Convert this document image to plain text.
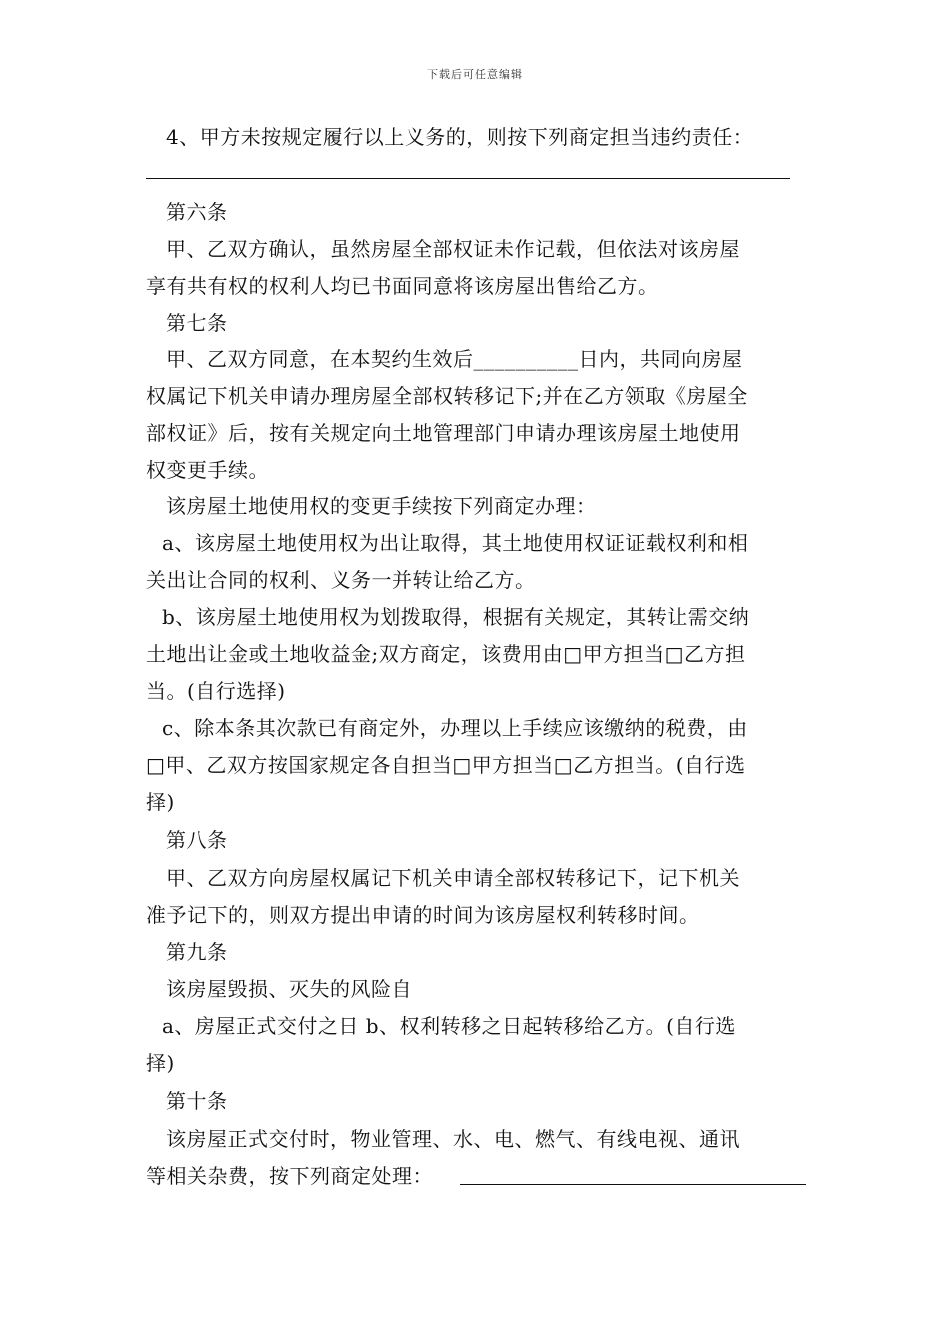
下载后可任意编辑
4、甲方未按规定履行以上义务的，则按下列商定担当违约责任：
第六条
甲、乙双方确认，虽然房屋全部权证未作记载，但依法对该房屋
享有共有权的权利人均已书面同意将该房屋出售给乙方。
第七条
甲、乙双方同意，在本契约生效后__________日内，共同向房屋
权属记下机关申请办理房屋全部权转移记下;并在乙方领取《房屋全
部权证》后，按有关规定向土地管理部门申请办理该房屋土地使用
权变更手续。
该房屋土地使用权的变更手续按下列商定办理：
a、该房屋土地使用权为出让取得，其土地使用权证证载权利和相
关出让合同的权利、义务一并转让给乙方。
b、该房屋土地使用权为划拨取得，根据有关规定，其转让需交纳
土地出让金或土地收益金;双方商定，该费用由□甲方担当□乙方担
当。(自行选择)
c、除本条其次款已有商定外，办理以上手续应该缴纳的税费，由
□甲、乙双方按国家规定各自担当□甲方担当□乙方担当。(自行选
择)
第八条
甲、乙双方向房屋权属记下机关申请全部权转移记下，记下机关
准予记下的，则双方提出申请的时间为该房屋权利转移时间。
第九条
该房屋毁损、灭失的风险自
a、房屋正式交付之日 b、权利转移之日起转移给乙方。(自行选
择)
第十条
该房屋正式交付时，物业管理、水、电、燃气、有线电视、通讯
等相关杂费，按下列商定处理：
